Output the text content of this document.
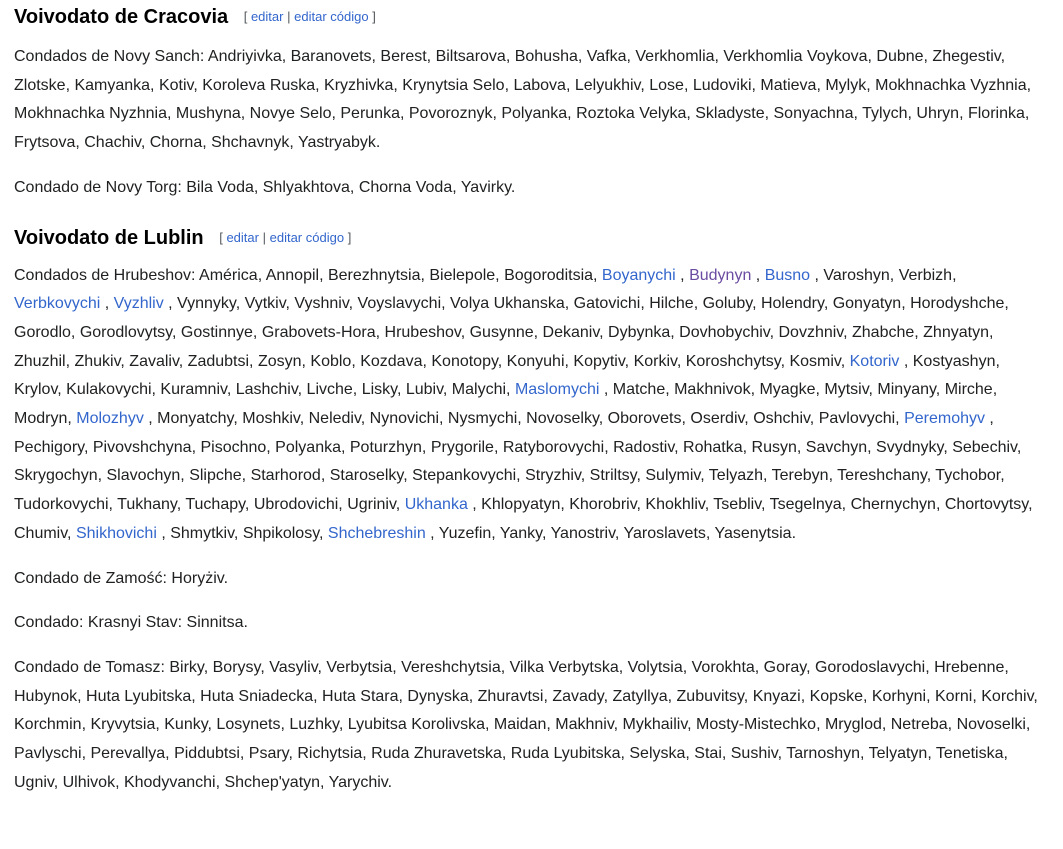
Voivodato de Cracovia [ editar | editar código ]

Condados de Novy Sanch: Andriyivka, Baranovets, Berest, Biltsarova, Bohusha, Vafka, Verkhomlia, Verkhomlia Voykova, Dubne, Zhegestiv, Zlotske, Kamyanka, Kotiv, Koroleva Ruska, Kryzhivka, Krynytsia Selo, Labova, Lelyukhiv, Lose, Ludoviki, Matieva, Mylyk, Mokhnachka Vyzhnia, Mokhnachka Nyzhnia, Mushyna, Novye Selo, Perunka, Povoroznyk, Polyanka, Roztoka Velyka, Skladyste, Sonyachna, Tylych, Uhryn, Florinka, Frytsova, Chachiv, Chorna, Shchavnyk, Yastryabyk.

Condado de Novy Torg: Bila Voda, Shlyakhtova, Chorna Voda, Yavirky.

Voivodato de Lublin [ editar | editar código ]

Condados de Hrubeshov: América, Annopil, Berezhnytsia, Bielepole, Bogoroditsia, Boyanychi , Budynyn , Busno , Varoshyn, Verbizh, Verbkovychi , Vyzhliv , Vynnyky, Vytkiv, Vyshniv, Voyslavychi, Volya Ukhanska, Gatovichi, Hilche, Goluby, Holendry, Gonyatyn, Horodyshche, Gorodlo, Gorodlovytsy, Gostinnye, Grabovets-Hora, Hrubeshov, Gusynne, Dekaniv, Dybynka, Dovhobychiv, Dovzhniv, Zhabche, Zhnyatyn, Zhuzhil, Zhukiv, Zavaliv, Zadubtsi, Zosyn, Koblo, Kozdava, Konotopy, Konyuhi, Kopytiv, Korkiv, Koroshchytsy, Kosmiv, Kotoriv , Kostyashyn, Krylov, Kulakovychi, Kuramniv, Lashchiv, Livche, Lisky, Lubiv, Malychi, Maslomychi , Matche, Makhnivok, Myagke, Mytsiv, Minyany, Mirche, Modryn, Molozhyv , Monyatchy, Moshkiv, Nelediv, Nynovichi, Nysmychi, Novoselky, Oborovets, Oserdiv, Oshchiv, Pavlovychi, Peremohyv , Pechigory, Pivovshchyna, Pisochno, Polyanka, Poturzhyn, Prygorile, Ratyborovychi, Radostiv, Rohatka, Rusyn, Savchyn, Svydnyky, Sebechiv, Skrygochyn, Slavochyn, Slipche, Starhorod, Staroselky, Stepankovychi, Stryzhiv, Striltsy, Sulymiv, Telyazh, Terebyn, Tereshchany, Tychobor, Tudorkovychi, Tukhany, Tuchapy, Ubrodovichi, Ugriniv, Ukhanka , Khlopyatyn, Khorobriv, Khokhliv, Tsebliv, Tsegelnya, Chernychyn, Chortovytsy, Chumiv, Shikhovichi , Shmytkiv, Shpikolosy, Shchebreshin , Yuzefin, Yanky, Yanostriv, Yaroslavets, Yasenytsia.

Condado de Zamość: Horyżiv.

Condado: Krasnyi Stav: Sinnitsa.

Condado de Tomasz: Birky, Borysy, Vasyliv, Verbytsia, Vereshchytsia, Vilka Verbytska, Volytsia, Vorokhta, Goray, Gorodoslavychi, Hrebenne, Hubynok, Huta Lyubitska, Huta Sniadecka, Huta Stara, Dynyska, Zhuravtsi, Zavady, Zatyllya, Zubuvitsy, Knyazi, Kopske, Korhyni, Korni, Korchiv, Korchmin, Kryvytsia, Kunky, Losynets, Luzhky, Lyubitsa Korolivska, Maidan, Makhniv, Mykhailiv, Mosty-Mistechko, Mryglod, Netreba, Novoselki, Pavlyschi, Perevallya, Piddubtsi, Psary, Richytsia, Ruda Zhuravetska, Ruda Lyubitska, Selyska, Stai, Sushiv, Tarnoshyn, Telyatyn, Tenetiska, Ugniv, Ulhivok, Khodyvanchi, Shchep'yatyn, Yarychiv.
